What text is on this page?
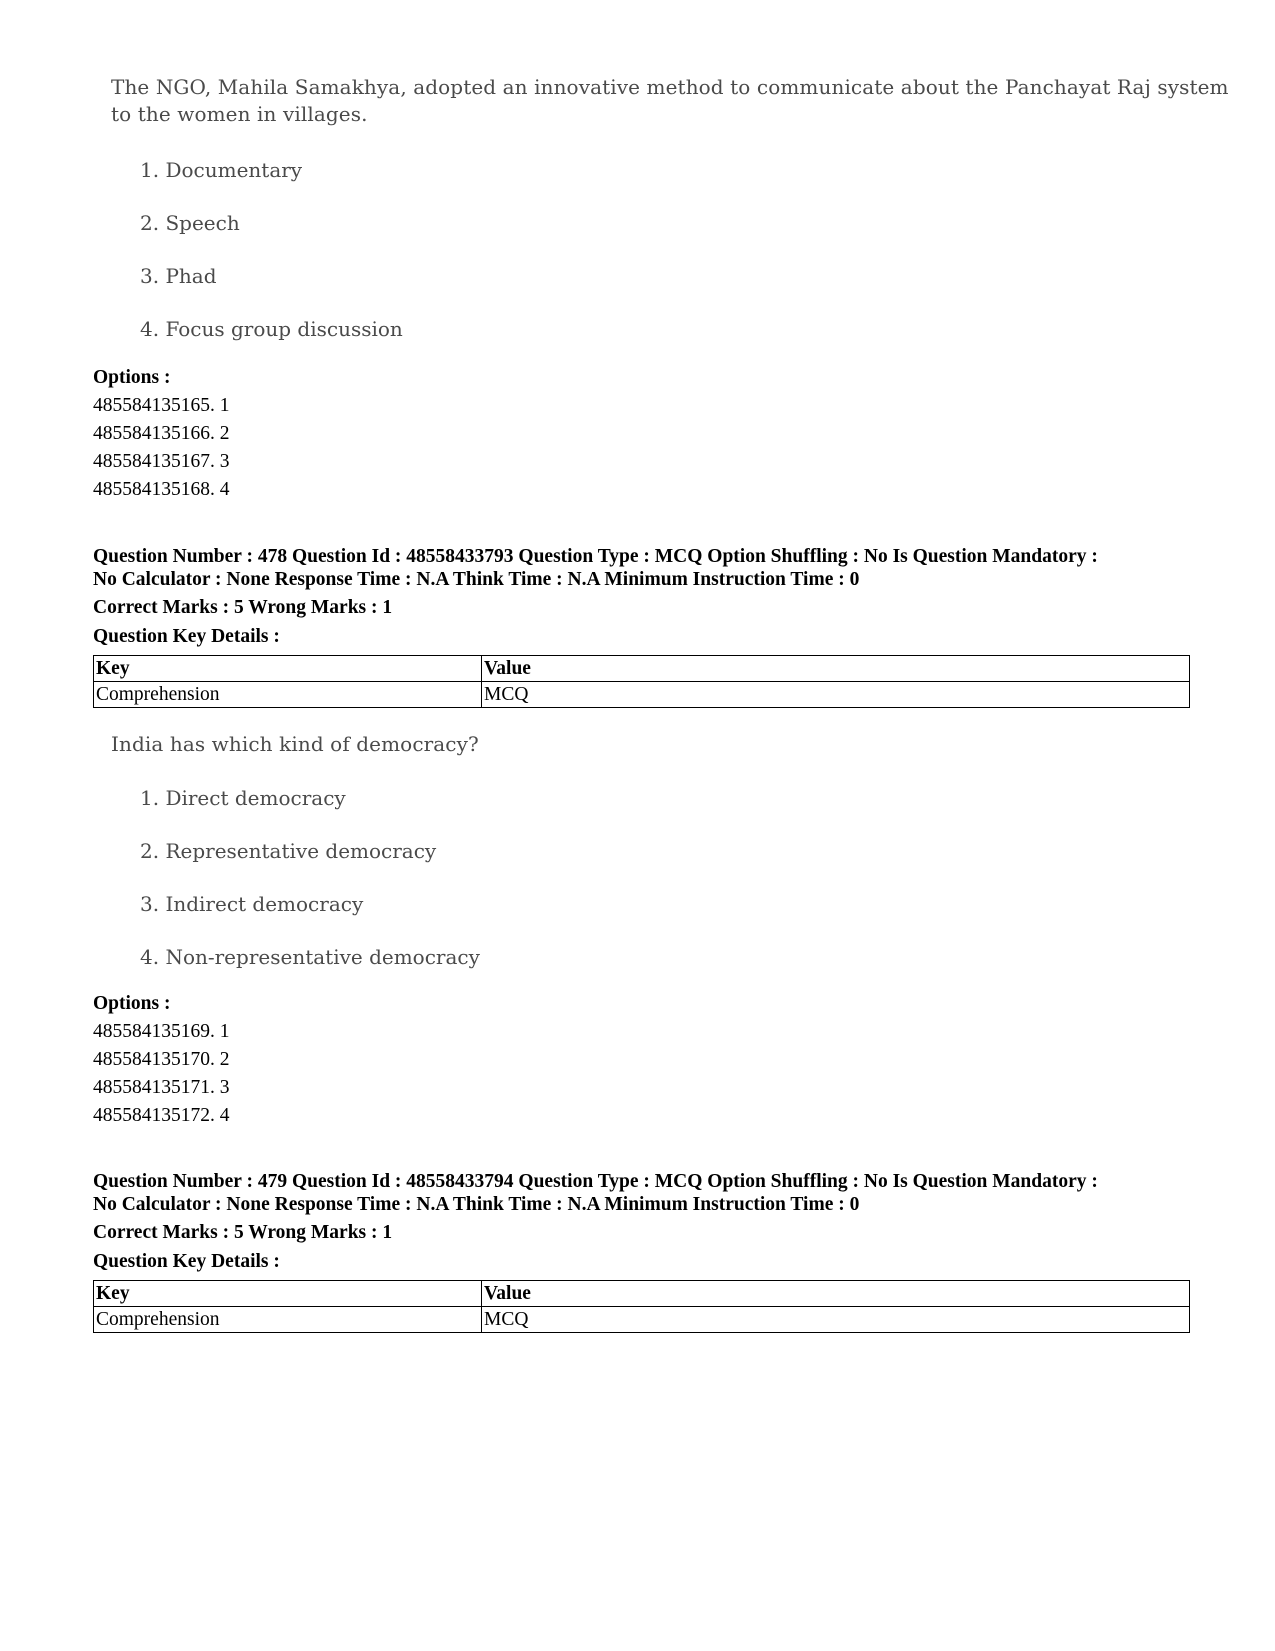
The NGO, Mahila Samakhya, adopted an innovative method to communicate about the Panchayat Raj system
to the women in villages.
1. Documentary
2. Speech
3. Phad
4. Focus group discussion
Options :
485584135165. 1
485584135166. 2
485584135167. 3
485584135168. 4
Question Number : 478 Question Id : 48558433793 Question Type : MCQ Option Shuffling : No Is Question Mandatory :
No Calculator : None Response Time : N.A Think Time : N.A Minimum Instruction Time : 0
Correct Marks : 5 Wrong Marks : 1
Question Key Details :
Key	Value
Comprehension	MCQ
India has which kind of democracy?
1. Direct democracy
2. Representative democracy
3. Indirect democracy
4. Non-representative democracy
Options :
485584135169. 1
485584135170. 2
485584135171. 3
485584135172. 4
Question Number : 479 Question Id : 48558433794 Question Type : MCQ Option Shuffling : No Is Question Mandatory :
No Calculator : None Response Time : N.A Think Time : N.A Minimum Instruction Time : 0
Correct Marks : 5 Wrong Marks : 1
Question Key Details :
Key	Value
Comprehension	MCQ
